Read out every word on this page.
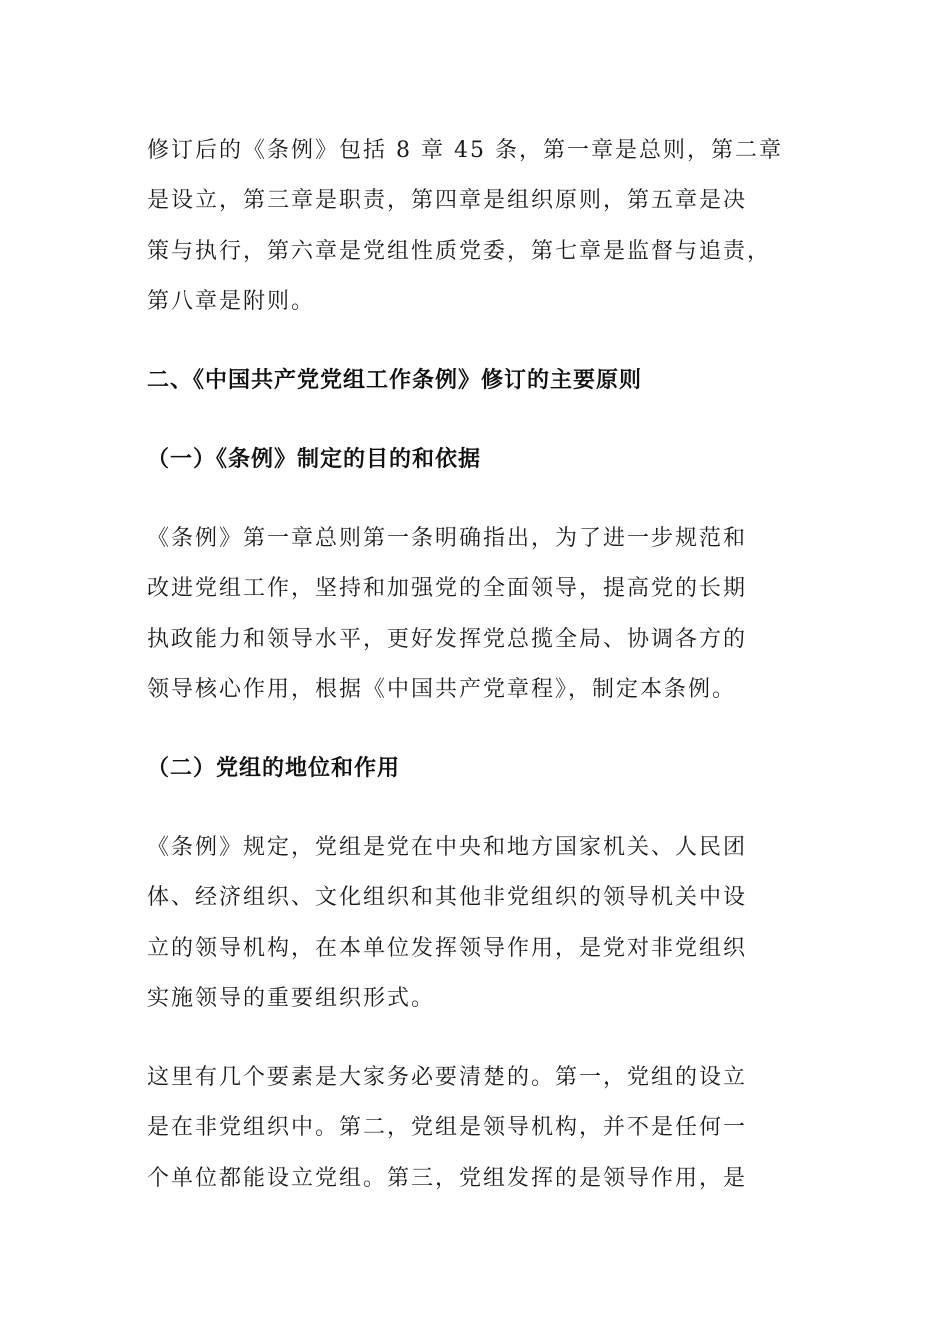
修订后的《条例》包括 8 章 45 条，第一章是总则，第二章
是设立，第三章是职责，第四章是组织原则，第五章是决
策与执行，第六章是党组性质党委，第七章是监督与追责，
第八章是附则。
二、《中国共产党党组工作条例》修订的主要原则
（一）《条例》制定的目的和依据
《条例》第一章总则第一条明确指出，为了进一步规范和
改进党组工作，坚持和加强党的全面领导，提高党的长期
执政能力和领导水平，更好发挥党总揽全局、协调各方的
领导核心作用，根据《中国共产党章程》，制定本条例。
（二）党组的地位和作用
《条例》规定，党组是党在中央和地方国家机关、人民团
体、经济组织、文化组织和其他非党组织的领导机关中设
立的领导机构，在本单位发挥领导作用，是党对非党组织
实施领导的重要组织形式。
这里有几个要素是大家务必要清楚的。第一，党组的设立
是在非党组织中。第二，党组是领导机构，并不是任何一
个单位都能设立党组。第三，党组发挥的是领导作用，是
